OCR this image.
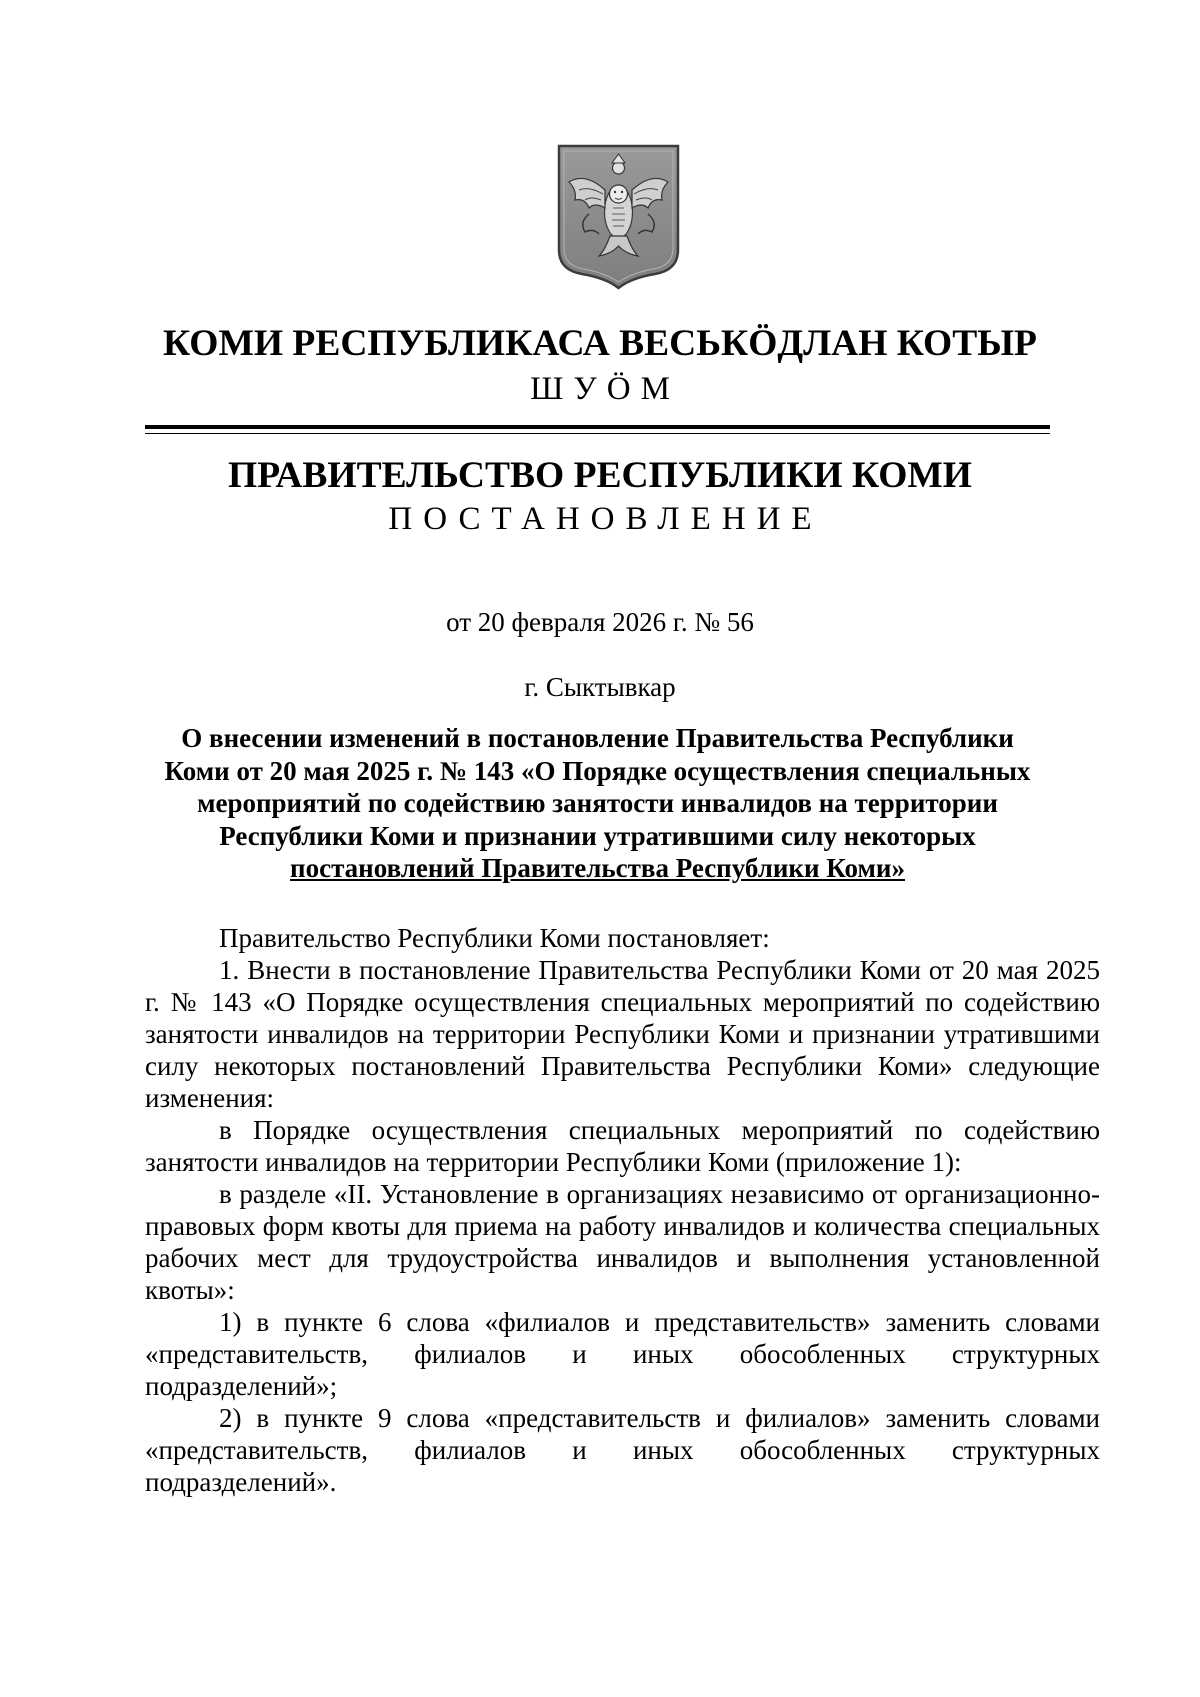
КОМИ РЕСПУБЛИКАСА ВЕСЬКӦДЛАН КОТЫР
ШУӦМ
ПРАВИТЕЛЬСТВО РЕСПУБЛИКИ КОМИ
ПОСТАНОВЛЕНИЕ
от 20 февраля 2026 г. № 56
г. Сыктывкар
О внесении изменений в постановление Правительства Республики
Коми от 20 мая 2025 г. № 143 «О Порядке осуществления специальных
мероприятий по содействию занятости инвалидов на территории
Республики Коми и признании утратившими силу некоторых
постановлений Правительства Республики Коми»

Правительство Республики Коми постановляет:

1. Внести в постановление Правительства Республики Коми от 20 мая 2025 г. № 143 «О Порядке осуществления специальных мероприятий по содействию занятости инвалидов на территории Республики Коми и признании утратившими силу некоторых постановлений Правительства Республики Коми» следующие изменения:

в Порядке осуществления специальных мероприятий по содействию занятости инвалидов на территории Республики Коми (приложение 1):

в разделе «II. Установление в организациях независимо от организационно-правовых форм квоты для приема на работу инвалидов и количества специальных рабочих мест для трудоустройства инвалидов и выполнения установленной квоты»:

1) в пункте 6 слова «филиалов и представительств» заменить словами «представительств, филиалов и иных обособленных структурных подразделений»;

2) в пункте 9 слова «представительств и филиалов» заменить словами «представительств, филиалов и иных обособленных структурных подразделений».
